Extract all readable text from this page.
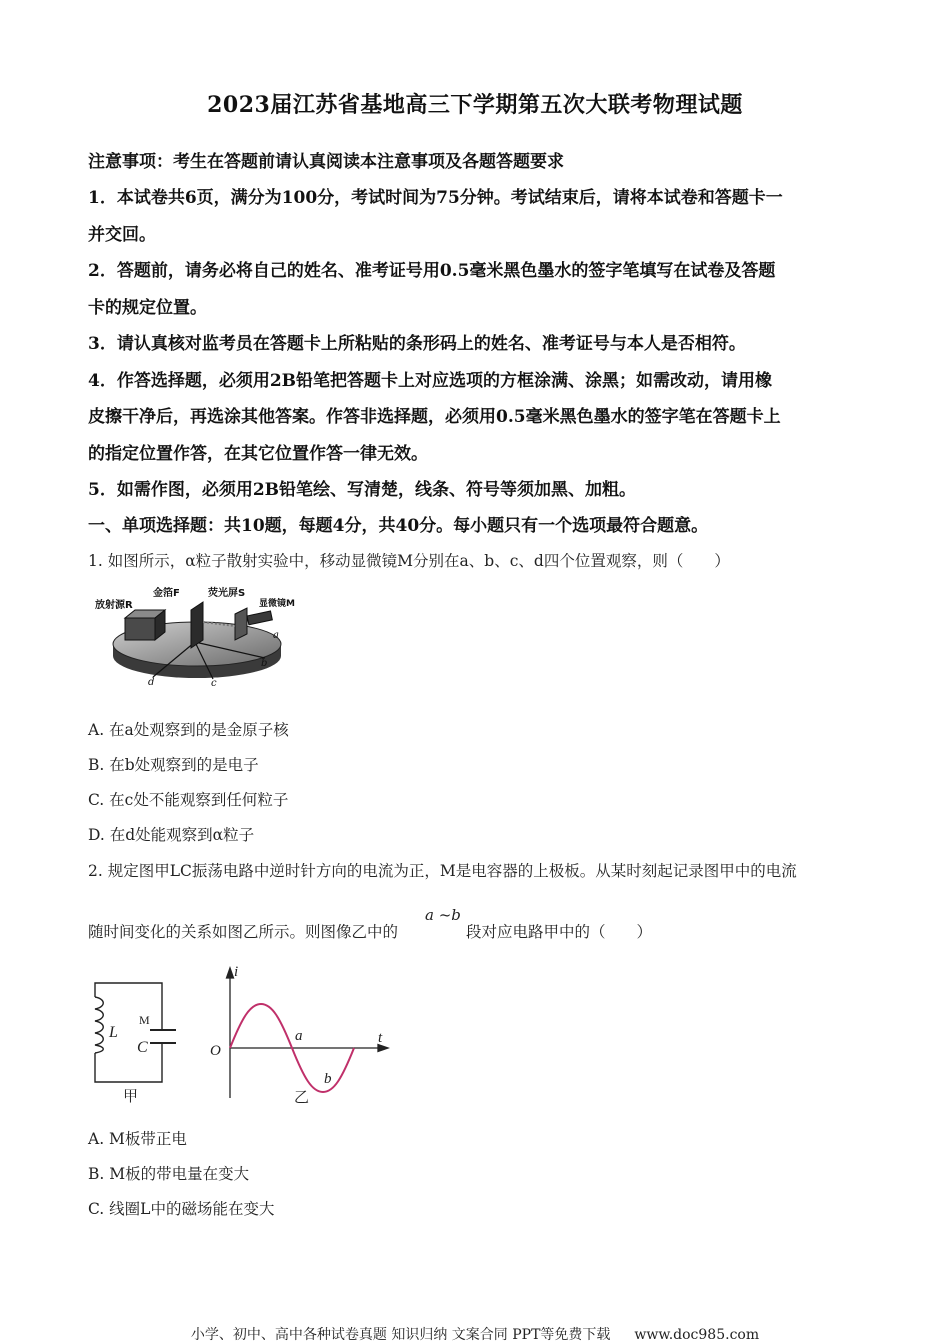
2023届江苏省基地高三下学期第五次大联考物理试题
注意事项：考生在答题前请认真阅读本注意事项及各题答题要求
1．本试卷共6页，满分为100分，考试时间为75分钟。考试结束后，请将本试卷和答题卡一
并交回。
2．答题前，请务必将自己的姓名、准考证号用0.5毫米黑色墨水的签字笔填写在试卷及答题
卡的规定位置。
3．请认真核对监考员在答题卡上所粘贴的条形码上的姓名、准考证号与本人是否相符。
4．作答选择题，必须用2B铅笔把答题卡上对应选项的方框涂满、涂黑；如需改动，请用橡
皮擦干净后，再选涂其他答案。作答非选择题，必须用0.5毫米黑色墨水的签字笔在答题卡上
的指定位置作答，在其它位置作答一律无效。
5．如需作图，必须用2B铅笔绘、写清楚，线条、符号等须加黑、加粗。
一、单项选择题：共10题，每题4分，共40分。每小题只有一个选项最符合题意。
1. 如图所示，α粒子散射实验中，移动显微镜M分别在a、b、c、d四个位置观察，则（　　）
放射源R
金箔F	荧光屏S
显微镜M
a
b
c
d
A. 在a处观察到的是金原子核
B. 在b处观察到的是电子
C. 在c处不能观察到任何粒子
D. 在d处能观察到α粒子
2. 规定图甲LC振荡电路中逆时针方向的电流为正，M是电容器的上极板。从某时刻起记录图甲中的电流
随时间变化的关系如图乙所示。则图像乙中的
a ~b
段对应电路甲中的（　　）
L
C
M
甲
i
t
O
a
b
乙
A. M板带正电
B. M板的带电量在变大
C. 线圈L中的磁场能在变大
小学、初中、高中各种试卷真题 知识归纳 文案合同 PPT等免费下载 www.doc985.com
